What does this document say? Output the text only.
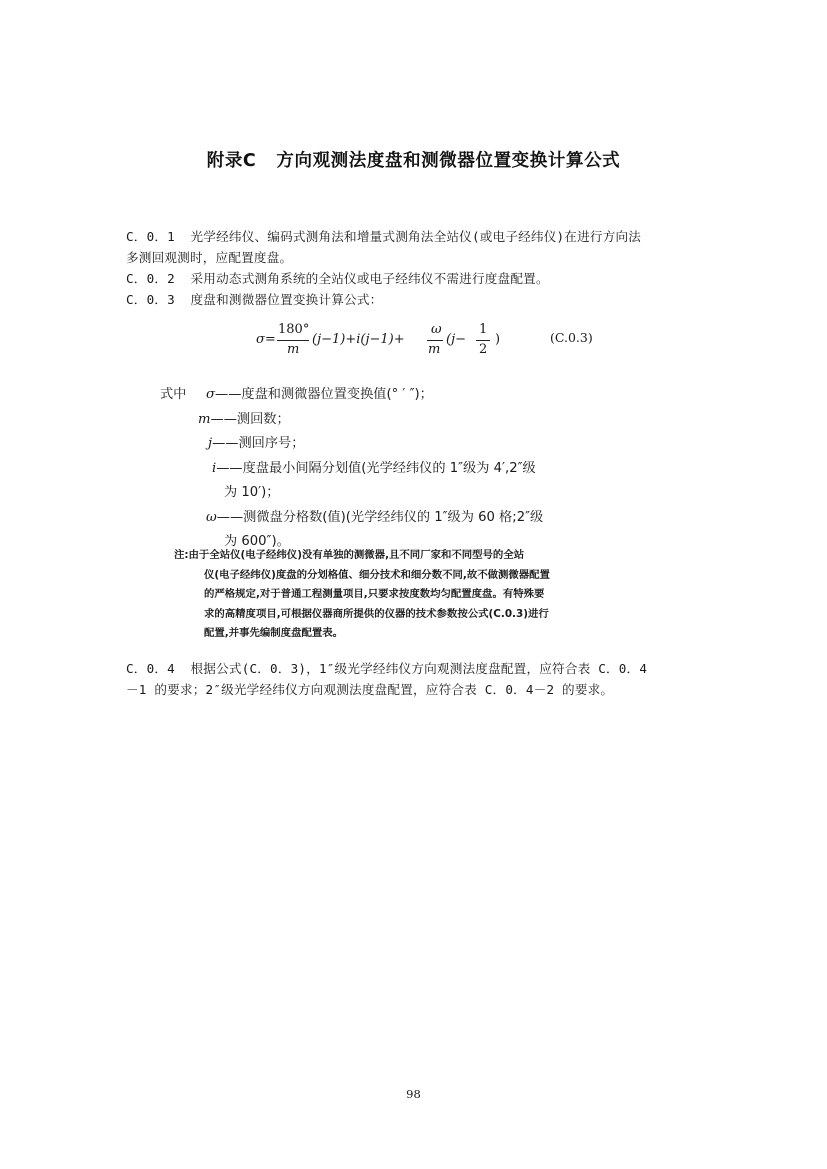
附录C 方向观测法度盘和测微器位置变换计算公式
C．0．1 光学经纬仪、编码式测角法和增量式测角法全站仪(或电子经纬仪)在进行方向法
多测回观测时，应配置度盘。
C．0．2 采用动态式测角系统的全站仪或电子经纬仪不需进行度盘配置。
C．0．3 度盘和测微器位置变换计算公式：
σ=
180°
m
(j−1)+i(j−1)+
ω
m
(j−
1
2
)	(C.0.3)
式中 σ——度盘和测微器位置变换值(° ′ ″)；
m——测回数；
j——测回序号；
i——度盘最小间隔分划值(光学经纬仪的 1″级为 4′,2″级
为 10′)；
ω——测微盘分格数(值)(光学经纬仪的 1″级为 60 格;2″级
为 600″)。
注:由于全站仪(电子经纬仪)没有单独的测微器,且不同厂家和不同型号的全站
仪(电子经纬仪)度盘的分划格值、细分技术和细分数不同,故不做测微器配置
的严格规定,对于普通工程测量项目,只要求按度数均匀配置度盘。有特殊要
求的高精度项目,可根据仪器商所提供的仪器的技术参数按公式(C.0.3)进行
配置,并事先编制度盘配置表。
C．0．4 根据公式(C．0．3)，1″级光学经纬仪方向观测法度盘配置，应符合表 C．0．4
－1 的要求；2″级光学经纬仪方向观测法度盘配置，应符合表 C．0．4－2 的要求。
98
